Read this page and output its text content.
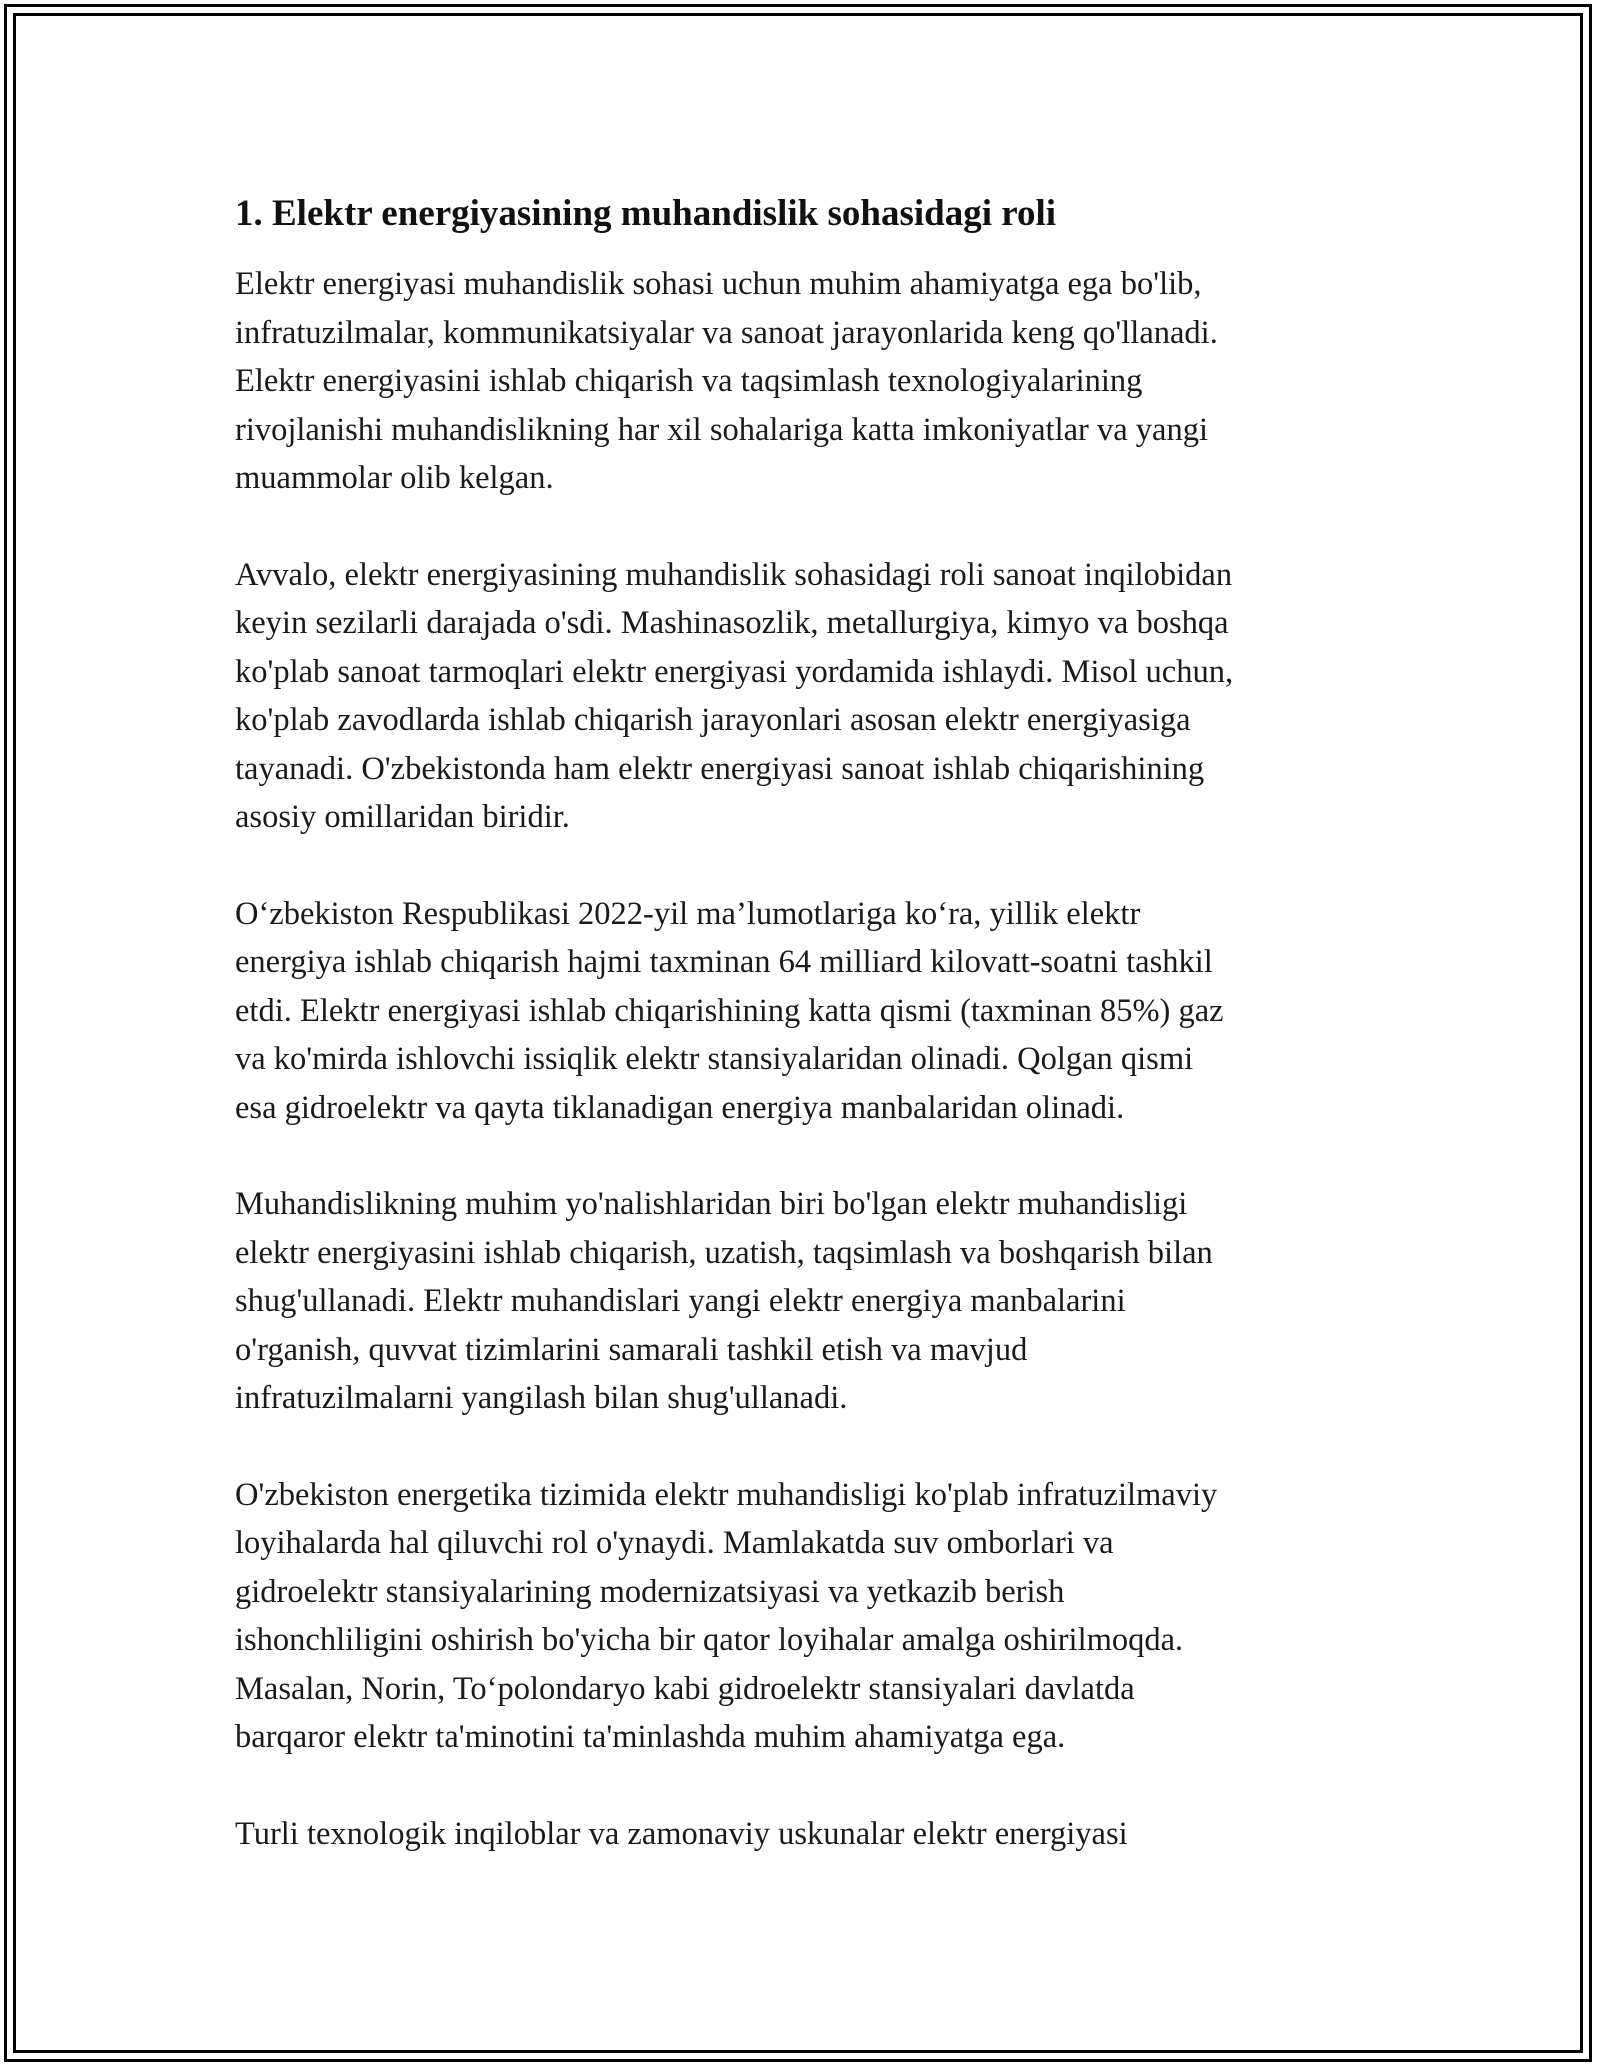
1. Elektr energiyasining muhandislik sohasidagi roli

Elektr energiyasi muhandislik sohasi uchun muhim ahamiyatga ega bo'lib,
infratuzilmalar, kommunikatsiyalar va sanoat jarayonlarida keng qo'llanadi.
Elektr energiyasini ishlab chiqarish va taqsimlash texnologiyalarining
rivojlanishi muhandislikning har xil sohalariga katta imkoniyatlar va yangi
muammolar olib kelgan.

Avvalo, elektr energiyasining muhandislik sohasidagi roli sanoat inqilobidan
keyin sezilarli darajada o'sdi. Mashinasozlik, metallurgiya, kimyo va boshqa
ko'plab sanoat tarmoqlari elektr energiyasi yordamida ishlaydi. Misol uchun,
ko'plab zavodlarda ishlab chiqarish jarayonlari asosan elektr energiyasiga
tayanadi. O'zbekistonda ham elektr energiyasi sanoat ishlab chiqarishining
asosiy omillaridan biridir.

O‘zbekiston Respublikasi 2022-yil ma’lumotlariga ko‘ra, yillik elektr
energiya ishlab chiqarish hajmi taxminan 64 milliard kilovatt-soatni tashkil
etdi. Elektr energiyasi ishlab chiqarishining katta qismi (taxminan 85%) gaz
va ko'mirda ishlovchi issiqlik elektr stansiyalaridan olinadi. Qolgan qismi
esa gidroelektr va qayta tiklanadigan energiya manbalaridan olinadi.

Muhandislikning muhim yo'nalishlaridan biri bo'lgan elektr muhandisligi
elektr energiyasini ishlab chiqarish, uzatish, taqsimlash va boshqarish bilan
shug'ullanadi. Elektr muhandislari yangi elektr energiya manbalarini
o'rganish, quvvat tizimlarini samarali tashkil etish va mavjud
infratuzilmalarni yangilash bilan shug'ullanadi.

O'zbekiston energetika tizimida elektr muhandisligi ko'plab infratuzilmaviy
loyihalarda hal qiluvchi rol o'ynaydi. Mamlakatda suv omborlari va
gidroelektr stansiyalarining modernizatsiyasi va yetkazib berish
ishonchliligini oshirish bo'yicha bir qator loyihalar amalga oshirilmoqda.
Masalan, Norin, To‘polondaryo kabi gidroelektr stansiyalari davlatda
barqaror elektr ta'minotini ta'minlashda muhim ahamiyatga ega.

Turli texnologik inqiloblar va zamonaviy uskunalar elektr energiyasi
